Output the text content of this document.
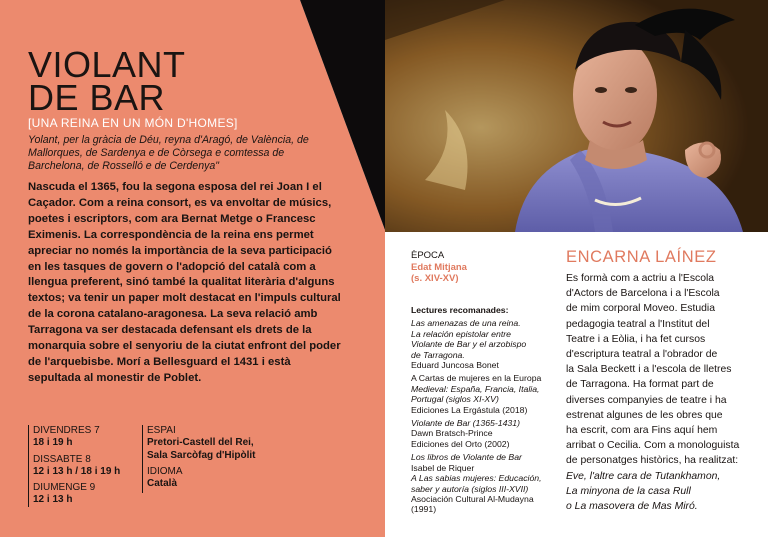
VIOLANT
DE BAR
[UNA REINA EN UN MÓN D'HOMES]

Yolant, per la gràcia de Déu, reyna d'Aragó, de València, de Mallorques, de Sardenya e de Còrsega e comtessa de Barchelona, de Rosselló e de Cerdenya"

Nascuda el 1365, fou la segona esposa del rei Joan I el Caçador. Com a reina consort, es va envoltar de músics, poetes i escriptors, com ara Bernat Metge o Francesc Eximenis. La correspondència de la reina ens permet apreciar no només la importància de la seva participació en les tasques de govern o l'adopció del català com a llengua preferent, sinó també la qualitat literària d'alguns textos; va tenir un paper molt destacat en l'impuls cultural de la corona catalano-aragonesa. La seva relació amb Tarragona va ser destacada defensant els drets de la monarquia sobre el senyoriu de la ciutat enfront del poder de l'arquebisbe. Morí a Bellesguard el 1431 i està sepultada al monestir de Poblet.

DIVENDRES 7
18 i 19 h
DISSABTE 8
12 i 13 h / 18 i 19 h
DIUMENGE 9
12 i 13 h
ESPAI
Pretori-Castell del Rei,
Sala Sarcòfag d'Hipòlit
IDIOMA
Català
ÈPOCA
Edat Mitjana
(s. XIV-XV)
Lectures recomanades:
Las amenazas de una reina.
La relación epistolar entre
Violante de Bar y el arzobispo
de Tarragona.
Eduard Juncosa Bonet
A Cartas de mujeres en la Europa
Medieval: España, Francia, Italia,
Portugal (siglos XI-XV)
Ediciones La Ergástula (2018)
Violante de Bar (1365-1431)
Dawn Bratsch-Prince
Ediciones del Orto (2002)
Los libros de Violante de Bar
Isabel de Riquer
A Las sabias mujeres: Educación,
saber y autoría (siglos III-XVII)
Asociación Cultural Al-Mudayna
(1991)
ENCARNA LAÍNEZ
Es formà com a actriu a l'Escola
d'Actors de Barcelona i a l'Escola
de mim corporal Moveo. Estudia
pedagogia teatral a l'Institut del
Teatre i a Eòlia, i ha fet cursos
d'escriptura teatral a l'obrador de
la Sala Beckett i a l'escola de lletres
de Tarragona. Ha format part de
diverses companyies de teatre i ha
estrenat algunes de les obres que
ha escrit, com ara Fins aquí hem
arribat o Cecilia. Com a monologuista
de personatges històrics, ha realitzat:
Eve, l'altre cara de Tutankhamon,
La minyona de la casa Rull
o La masovera de Mas Miró.
